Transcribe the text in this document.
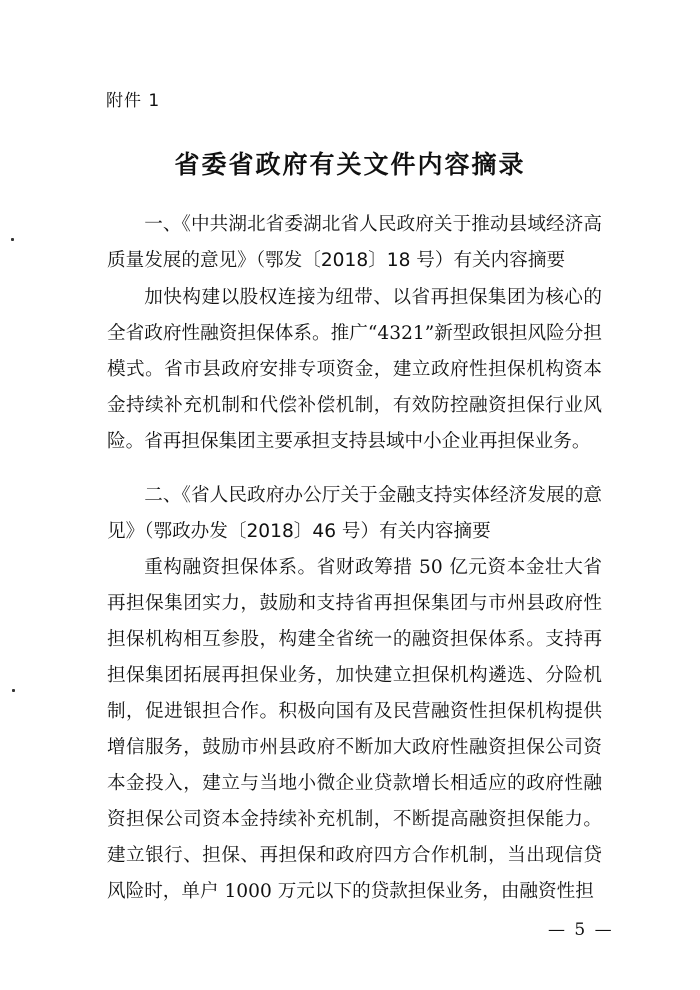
附件 1
省委省政府有关文件内容摘录
一、《中共湖北省委湖北省人民政府关于推动县域经济高质量发展的意见》（鄂发〔2018〕18 号）有关内容摘要
加快构建以股权连接为纽带、以省再担保集团为核心的全省政府性融资担保体系。推广“4321”新型政银担风险分担模式。省市县政府安排专项资金，建立政府性担保机构资本金持续补充机制和代偿补偿机制，有效防控融资担保行业风险。省再担保集团主要承担支持县域中小企业再担保业务。
二、《省人民政府办公厅关于金融支持实体经济发展的意见》（鄂政办发〔2018〕46 号）有关内容摘要
重构融资担保体系。省财政筹措 50 亿元资本金壮大省再担保集团实力，鼓励和支持省再担保集团与市州县政府性担保机构相互参股，构建全省统一的融资担保体系。支持再担保集团拓展再担保业务，加快建立担保机构遴选、分险机制，促进银担合作。积极向国有及民营融资性担保机构提供增信服务，鼓励市州县政府不断加大政府性融资担保公司资本金投入，建立与当地小微企业贷款增长相适应的政府性融资担保公司资本金持续补充机制，不断提高融资担保能力。建立银行、担保、再担保和政府四方合作机制，当出现信贷风险时，单户 1000 万元以下的贷款担保业务，由融资性担
— 5 —
